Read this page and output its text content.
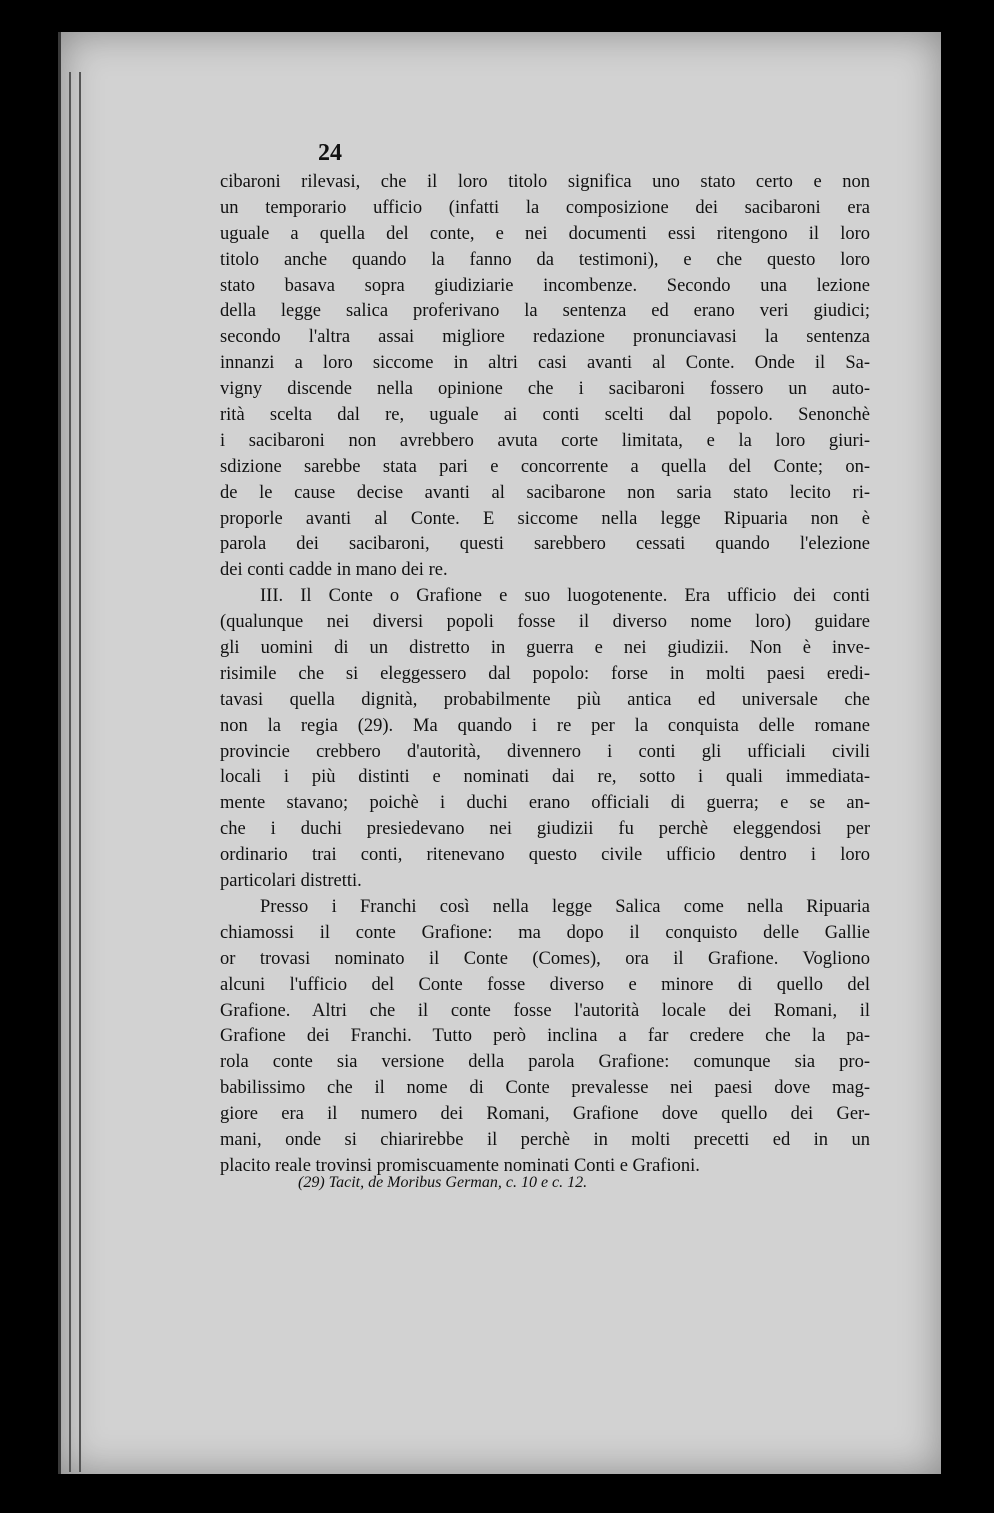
24
cibaroni rilevasi, che il loro titolo significa uno stato certo e non
un temporario ufficio (infatti la composizione dei sacibaroni era
uguale a quella del conte, e nei documenti essi ritengono il loro
titolo anche quando la fanno da testimoni), e che questo loro
stato basava sopra giudiziarie incombenze. Secondo una lezione
della legge salica proferivano la sentenza ed erano veri giudici;
secondo l'altra assai migliore redazione pronunciavasi la sentenza
innanzi a loro siccome in altri casi avanti al Conte. Onde il Sa-
vigny discende nella opinione che i sacibaroni fossero un auto-
rità scelta dal re, uguale ai conti scelti dal popolo. Senonchè
i sacibaroni non avrebbero avuta corte limitata, e la loro giuri-
sdizione sarebbe stata pari e concorrente a quella del Conte; on-
de le cause decise avanti al sacibarone non saria stato lecito ri-
proporle avanti al Conte. E siccome nella legge Ripuaria non è
parola dei sacibaroni, questi sarebbero cessati quando l'elezione
dei conti cadde in mano dei re.
III. Il Conte o Grafione e suo luogotenente. Era ufficio dei conti
(qualunque nei diversi popoli fosse il diverso nome loro) guidare
gli uomini di un distretto in guerra e nei giudizii. Non è inve-
risimile che si eleggessero dal popolo: forse in molti paesi eredi-
tavasi quella dignità, probabilmente più antica ed universale che
non la regia (29). Ma quando i re per la conquista delle romane
provincie crebbero d'autorità, divennero i conti gli ufficiali civili
locali i più distinti e nominati dai re, sotto i quali immediata-
mente stavano; poichè i duchi erano officiali di guerra; e se an-
che i duchi presiedevano nei giudizii fu perchè eleggendosi per
ordinario trai conti, ritenevano questo civile ufficio dentro i loro
particolari distretti.
Presso i Franchi così nella legge Salica come nella Ripuaria
chiamossi il conte Grafione: ma dopo il conquisto delle Gallie
or trovasi nominato il Conte (Comes), ora il Grafione. Vogliono
alcuni l'ufficio del Conte fosse diverso e minore di quello del
Grafione. Altri che il conte fosse l'autorità locale dei Romani, il
Grafione dei Franchi. Tutto però inclina a far credere che la pa-
rola conte sia versione della parola Grafione: comunque sia pro-
babilissimo che il nome di Conte prevalesse nei paesi dove mag-
giore era il numero dei Romani, Grafione dove quello dei Ger-
mani, onde si chiarirebbe il perchè in molti precetti ed in un
placito reale trovinsi promiscuamente nominati Conti e Grafioni.
(29) Tacit, de Moribus German, c. 10 e c. 12.
